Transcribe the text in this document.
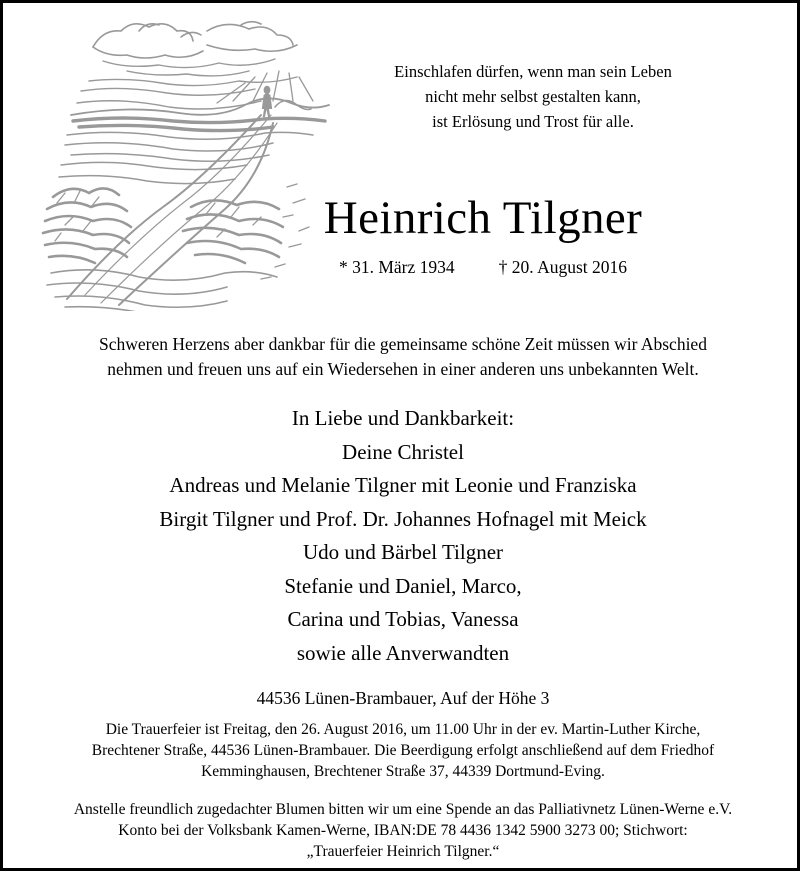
Einschlafen dürfen, wenn man sein Leben
nicht mehr selbst gestalten kann,
ist Erlösung und Trost für alle.
Heinrich Tilgner
* 31. März 1934	† 20. August 2016
Schweren Herzens aber dankbar für die gemeinsame schöne Zeit müssen wir Abschied
nehmen und freuen uns auf ein Wiedersehen in einer anderen uns unbekannten Welt.
In Liebe und Dankbarkeit:
Deine Christel
Andreas und Melanie Tilgner mit Leonie und Franziska
Birgit Tilgner und Prof. Dr. Johannes Hofnagel mit Meick
Udo und Bärbel Tilgner
Stefanie und Daniel, Marco,
Carina und Tobias, Vanessa
sowie alle Anverwandten
44536 Lünen-Brambauer, Auf der Höhe 3
Die Trauerfeier ist Freitag, den 26. August 2016, um 11.00 Uhr in der ev. Martin-Luther Kirche,
Brechtener Straße, 44536 Lünen-Brambauer. Die Beerdigung erfolgt anschließend auf dem Friedhof
Kemminghausen, Brechtener Straße 37, 44339 Dortmund-Eving.
Anstelle freundlich zugedachter Blumen bitten wir um eine Spende an das Palliativnetz Lünen-Werne e.V.
Konto bei der Volksbank Kamen-Werne, IBAN:DE 78 4436 1342 5900 3273 00; Stichwort:
„Trauerfeier Heinrich Tilgner.“
